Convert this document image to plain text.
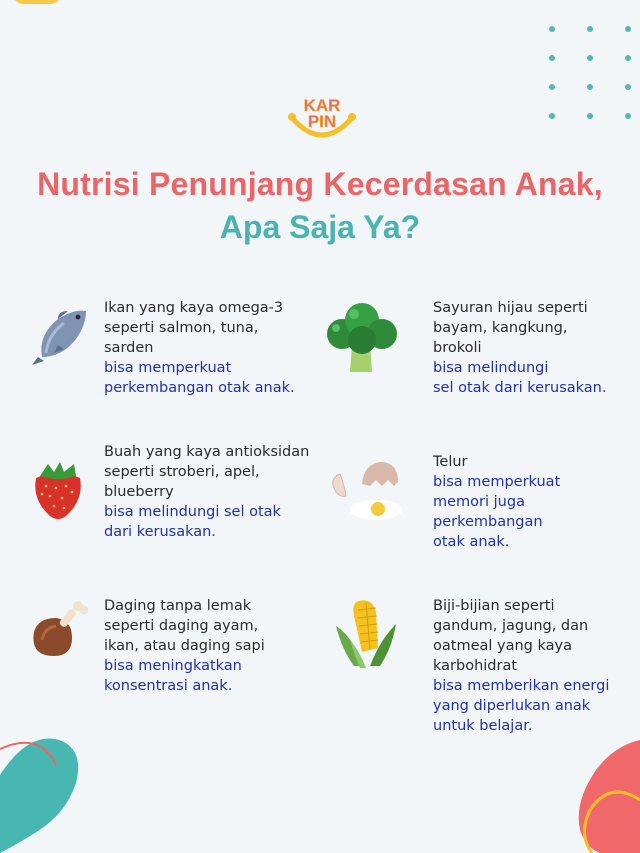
KAR
PIN
Nutrisi Penunjang Kecerdasan Anak,
Apa Saja Ya?
Ikan yang kaya omega-3
seperti salmon, tuna,
sarden
bisa memperkuat
perkembangan otak anak.
Sayuran hijau seperti
bayam, kangkung,
brokoli
bisa melindungi
sel otak dari kerusakan.
Buah yang kaya antioksidan
seperti stroberi, apel,
blueberry
bisa melindungi sel otak
dari kerusakan.
Telur
bisa memperkuat
memori juga
perkembangan
otak anak.
Daging tanpa lemak
seperti daging ayam,
ikan, atau daging sapi
bisa meningkatkan
konsentrasi anak.
Biji-bijian seperti
gandum, jagung, dan
oatmeal yang kaya
karbohidrat
bisa memberikan energi
yang diperlukan anak
untuk belajar.
